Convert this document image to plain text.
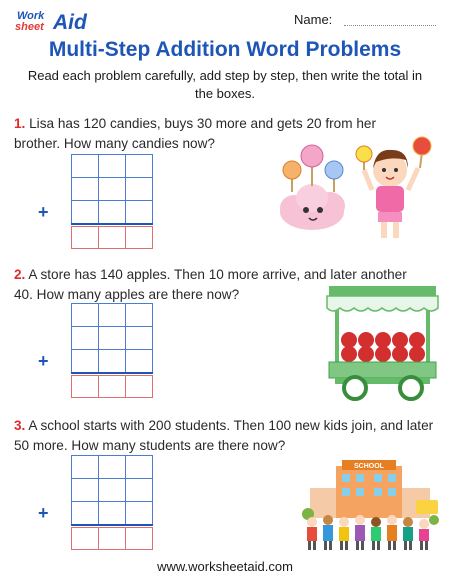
Work
sheet Aid	Name:
Multi-Step Addition Word Problems
Read each problem carefully, add step by step, then write the total in the boxes.
1. Lisa has 120 candies, buys 30 more and gets 20 from her brother. How many candies now?
2. A store has 140 apples. Then 10 more arrive, and later another 40. How many apples are there now?
3. A school starts with 200 students. Then 100 new kids join, and later 50 more. How many students are there now?
+
+
+
SCHOOL
www.worksheetaid.com
